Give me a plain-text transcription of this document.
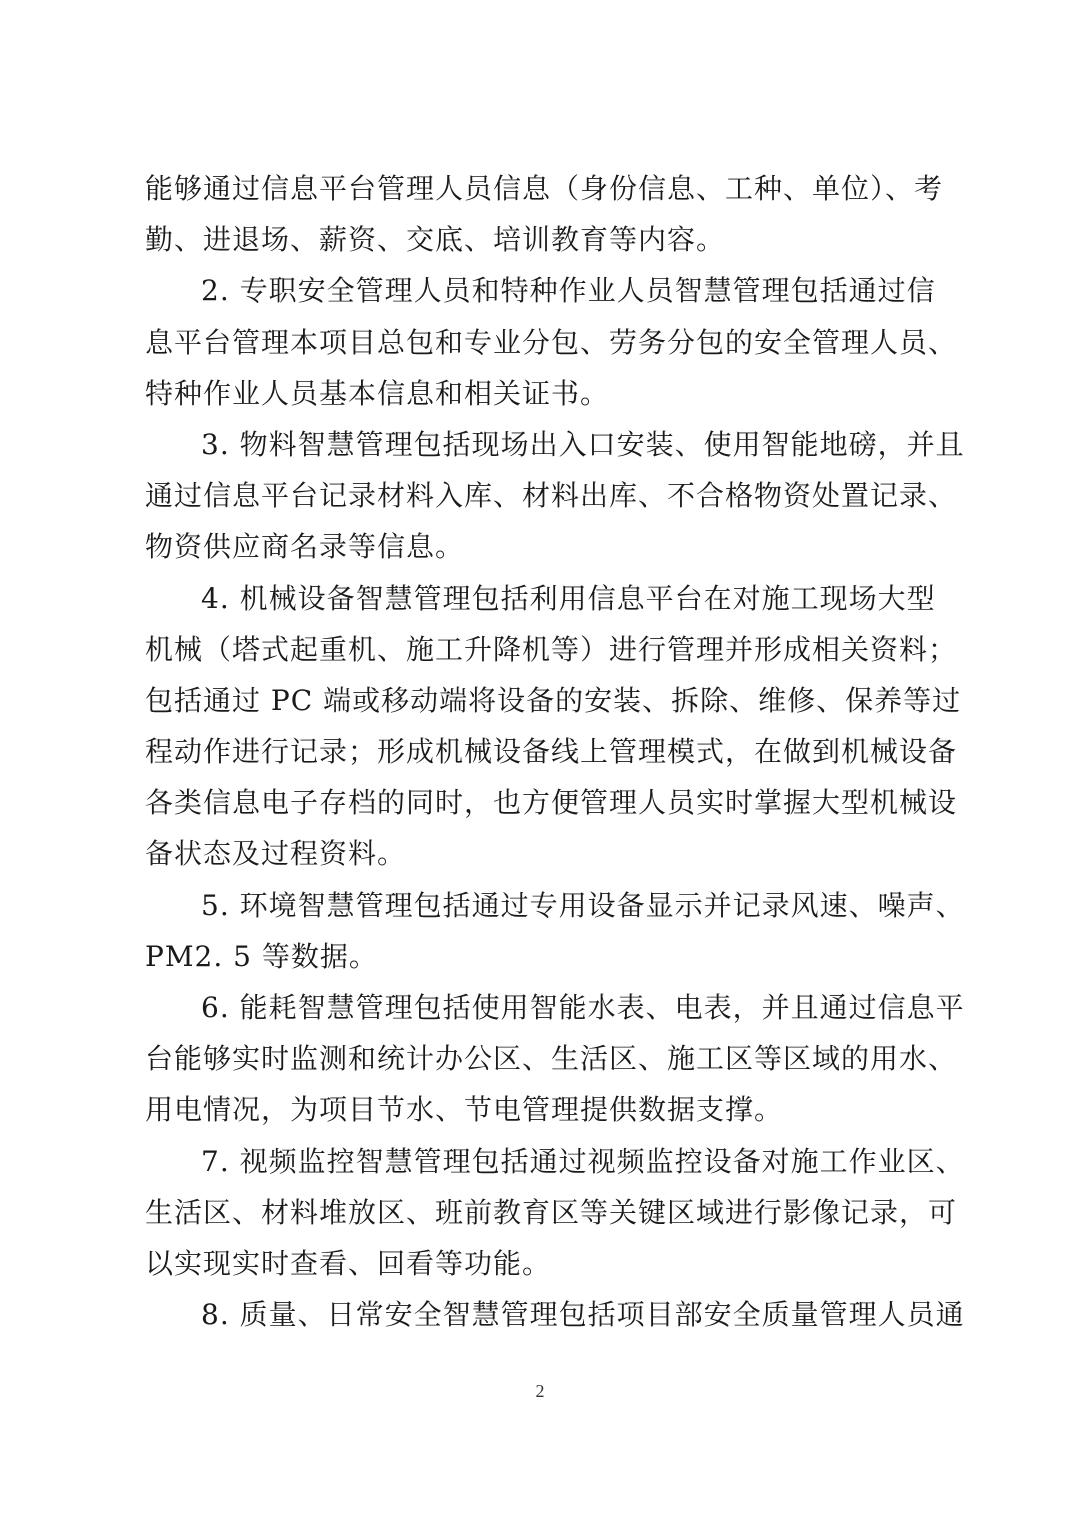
能够通过信息平台管理人员信息（身份信息、工种、单位）、考
勤、进退场、薪资、交底、培训教育等内容。
2. 专职安全管理人员和特种作业人员智慧管理包括通过信
息平台管理本项目总包和专业分包、劳务分包的安全管理人员、
特种作业人员基本信息和相关证书。
3. 物料智慧管理包括现场出入口安装、使用智能地磅，并且
通过信息平台记录材料入库、材料出库、不合格物资处置记录、
物资供应商名录等信息。
4. 机械设备智慧管理包括利用信息平台在对施工现场大型
机械（塔式起重机、施工升降机等）进行管理并形成相关资料；
包括通过 PC 端或移动端将设备的安装、拆除、维修、保养等过
程动作进行记录；形成机械设备线上管理模式，在做到机械设备
各类信息电子存档的同时，也方便管理人员实时掌握大型机械设
备状态及过程资料。
5. 环境智慧管理包括通过专用设备显示并记录风速、噪声、
PM2. 5 等数据。
6. 能耗智慧管理包括使用智能水表、电表，并且通过信息平
台能够实时监测和统计办公区、生活区、施工区等区域的用水、
用电情况，为项目节水、节电管理提供数据支撑。
7. 视频监控智慧管理包括通过视频监控设备对施工作业区、
生活区、材料堆放区、班前教育区等关键区域进行影像记录，可
以实现实时查看、回看等功能。
8. 质量、日常安全智慧管理包括项目部安全质量管理人员通
2
